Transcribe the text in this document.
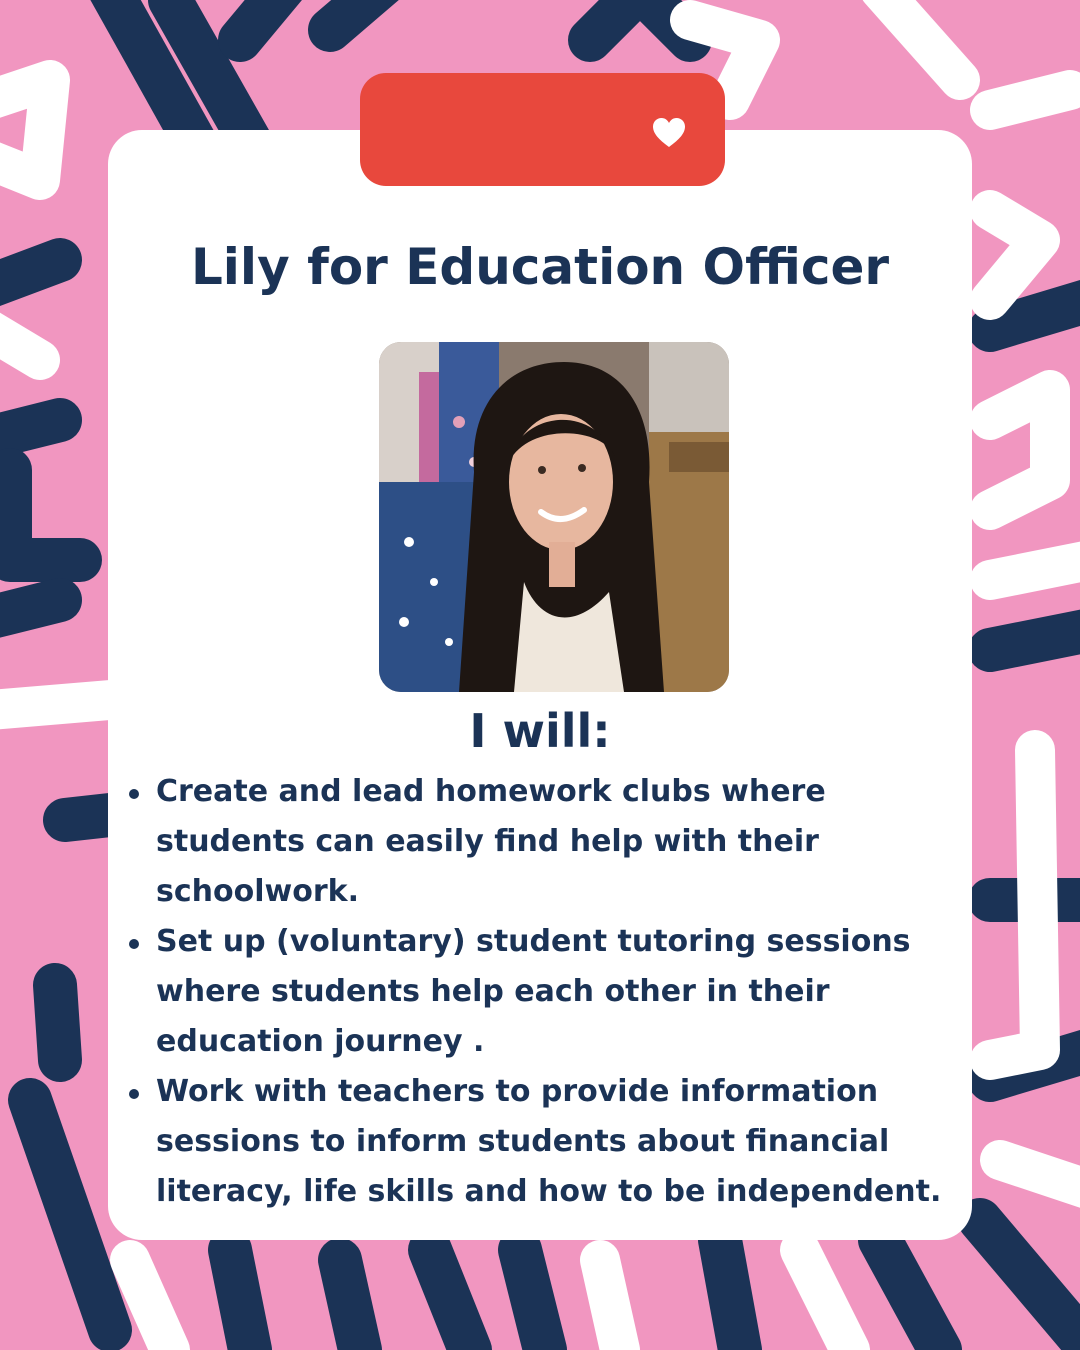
Lily for Education Officer
I will:
Create and lead homework clubs where students can easily find help with their schoolwork.
Set up (voluntary) student tutoring sessions where students help each other in their education journey .
Work with teachers to provide information sessions to inform students about financial literacy, life skills and how to be independent.
